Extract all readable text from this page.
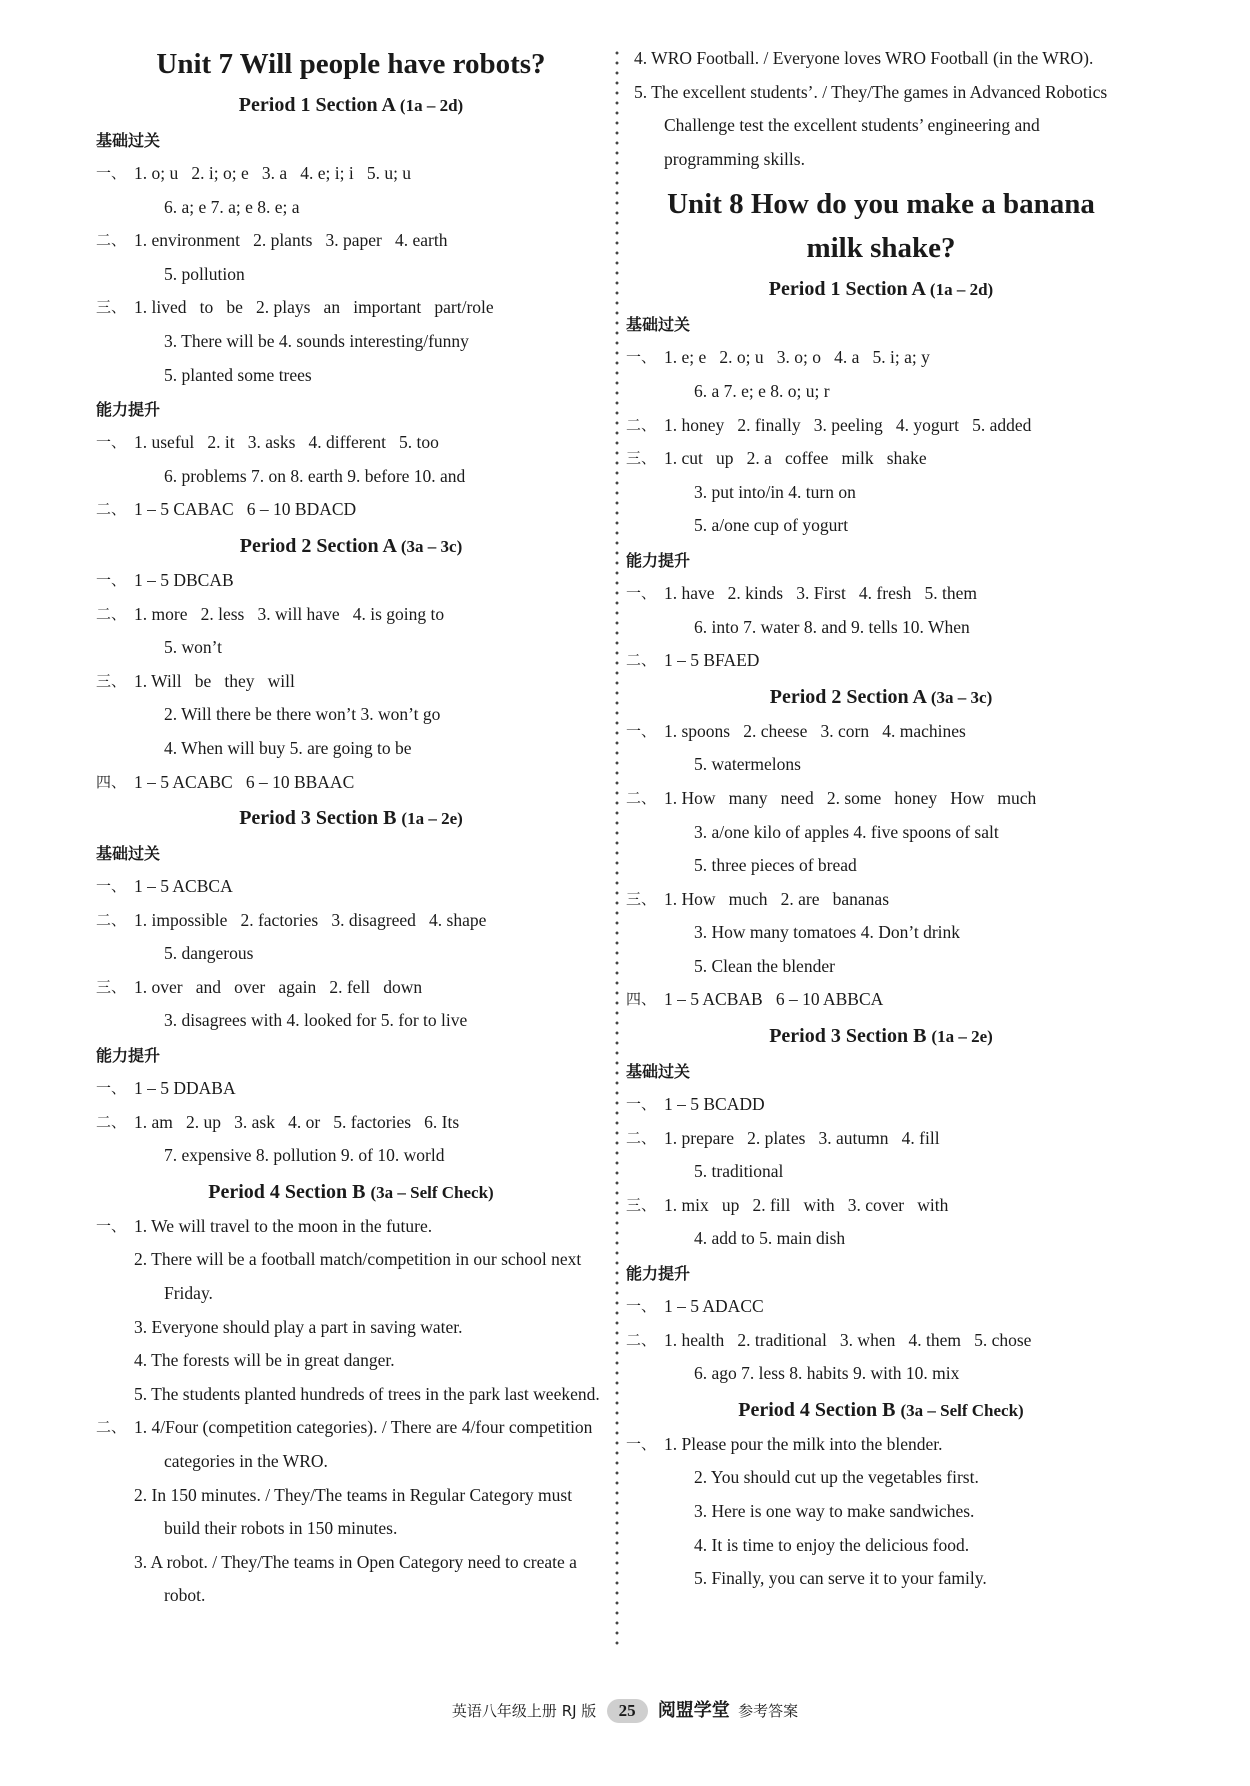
Unit 7 Will people have robots?
Period 1 Section A (1a – 2d)
基础过关
一、 1. o; u   2. i; o; e   3. a   4. e; i; i   5. u; u
6. a; e 7. a; e 8. e; a
二、 1. environment   2. plants   3. paper   4. earth
5. pollution
三、 1. lived   to   be   2. plays   an   important   part/role
3. There will be 4. sounds interesting/funny
5. planted some trees
能力提升
一、 1. useful   2. it   3. asks   4. different   5. too
6. problems 7. on 8. earth 9. before 10. and
二、 1 – 5 CABAC   6 – 10 BDACD
Period 2 Section A (3a – 3c)
一、 1 – 5 DBCAB
二、 1. more   2. less   3. will have   4. is going to
5. won’t
三、 1. Will   be   they   will
2. Will there be there won’t 3. won’t go
4. When will buy 5. are going to be
四、 1 – 5 ACABC   6 – 10 BBAAC
Period 3 Section B (1a – 2e)
基础过关
一、 1 – 5 ACBCA
二、 1. impossible   2. factories   3. disagreed   4. shape
5. dangerous
三、 1. over   and   over   again   2. fell   down
3. disagrees with 4. looked for 5. for to live
能力提升
一、 1 – 5 DDABA
二、 1. am   2. up   3. ask   4. or   5. factories   6. Its
7. expensive 8. pollution 9. of 10. world
Period 4 Section B (3a – Self Check)
一、 1. We will travel to the moon in the future.
2. There will be a football match/competition in our school next Friday.
3. Everyone should play a part in saving water.
4. The forests will be in great danger.
5. The students planted hundreds of trees in the park last weekend.
二、 1. 4/Four (competition categories). / There are 4/four competition categories in the WRO.
2. In 150 minutes. / They/The teams in Regular Category must build their robots in 150 minutes.
3. A robot. / They/The teams in Open Category need to create a robot.
4. WRO Football. / Everyone loves WRO Football (in the WRO).
5. The excellent students’. / They/The games in Advanced Robotics Challenge test the excellent students’ engineering and programming skills.
Unit 8 How do you make a banana
milk shake?
Period 1 Section A (1a – 2d)
基础过关
一、 1. e; e   2. o; u   3. o; o   4. a   5. i; a; y
6. a 7. e; e 8. o; u; r
二、 1. honey   2. finally   3. peeling   4. yogurt   5. added
三、 1. cut   up   2. a   coffee   milk   shake
3. put into/in 4. turn on
5. a/one cup of yogurt
能力提升
一、 1. have   2. kinds   3. First   4. fresh   5. them
6. into 7. water 8. and 9. tells 10. When
二、 1 – 5 BFAED
Period 2 Section A (3a – 3c)
一、 1. spoons   2. cheese   3. corn   4. machines
5. watermelons
二、 1. How   many   need   2. some   honey   How   much
3. a/one kilo of apples 4. five spoons of salt
5. three pieces of bread
三、 1. How   much   2. are   bananas
3. How many tomatoes 4. Don’t drink
5. Clean the blender
四、 1 – 5 ACBAB   6 – 10 ABBCA
Period 3 Section B (1a – 2e)
基础过关
一、 1 – 5 BCADD
二、 1. prepare   2. plates   3. autumn   4. fill
5. traditional
三、 1. mix   up   2. fill   with   3. cover   with
4. add to 5. main dish
能力提升
一、 1 – 5 ADACC
二、 1. health   2. traditional   3. when   4. them   5. chose
6. ago 7. less 8. habits 9. with 10. mix
Period 4 Section B (3a – Self Check)
一、 1. Please pour the milk into the blender.
2. You should cut up the vegetables first.
3. Here is one way to make sandwiches.
4. It is time to enjoy the delicious food.
5. Finally, you can serve it to your family.
英语八年级上册 RJ 版 25 阅盟学堂 参考答案
